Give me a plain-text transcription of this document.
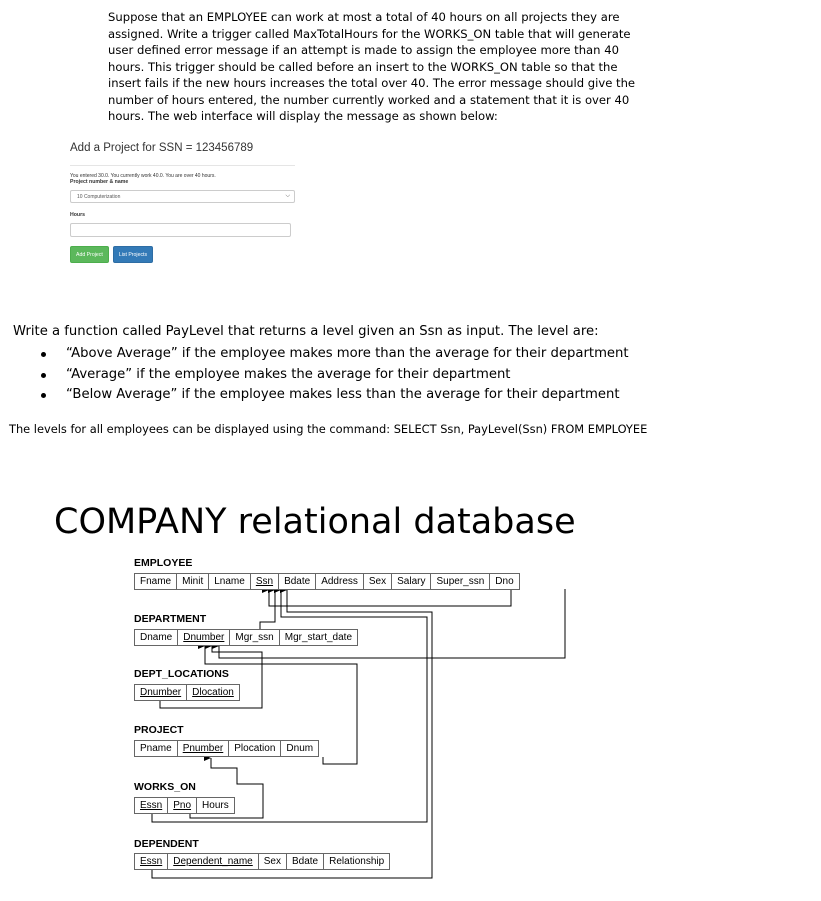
Suppose that an EMPLOYEE can work at most a total of 40 hours on all projects they are assigned. Write a trigger called MaxTotalHours for the WORKS_ON table that will generate user defined error message if an attempt is made to assign the employee more than 40 hours. This trigger should be called before an insert to the WORKS_ON table so that the insert fails if the new hours increases the total over 40. The error message should give the number of hours entered, the number currently worked and a statement that it is over 40 hours. The web interface will display the message as shown below:
Add a Project for SSN = 123456789
You entered 30.0. You currently work 40.0. You are over 40 hours.
Project number & name
10 Computerization	⌵
Hours
Add Project	List Projects
Write a function called PayLevel that returns a level given an Ssn as input. The level are:
“Above Average” if the employee makes more than the average for their department
“Average” if the employee makes the average for their department
“Below Average” if the employee makes less than the average for their department
The levels for all employees can be displayed using the command: SELECT Ssn, PayLevel(Ssn) FROM EMPLOYEE
COMPANY relational database
EMPLOYEE
Fname	Minit	Lname	Ssn	Bdate	Address	Sex	Salary	Super_ssn	Dno
DEPARTMENT
Dname	Dnumber	Mgr_ssn	Mgr_start_date
DEPT_LOCATIONS
Dnumber	Dlocation
PROJECT
Pname	Pnumber	Plocation	Dnum
WORKS_ON
Essn	Pno	Hours
DEPENDENT
Essn	Dependent_name	Sex	Bdate	Relationship
